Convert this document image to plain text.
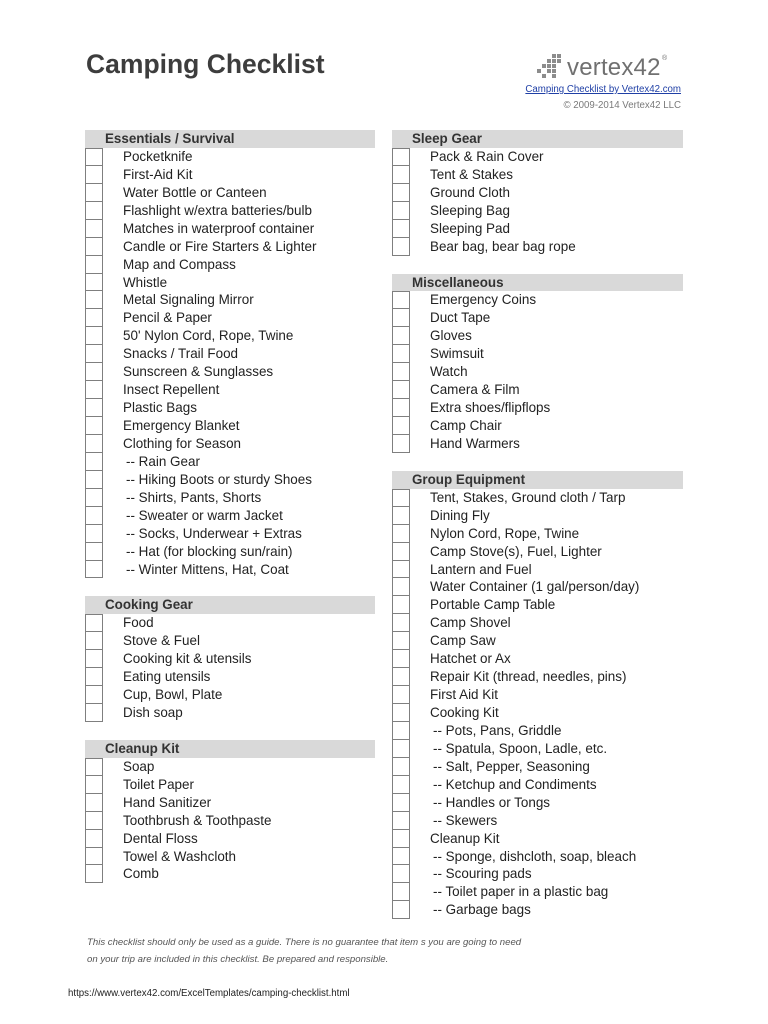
Camping Checklist	vertex42 ®
Camping Checklist by Vertex42.com
© 2009-2014 Vertex42 LLC
Essentials / Survival
Pocketknife
First-Aid Kit
Water Bottle or Canteen
Flashlight w/extra batteries/bulb
Matches in waterproof container
Candle or Fire Starters & Lighter
Map and Compass
Whistle
Metal Signaling Mirror
Pencil & Paper
50' Nylon Cord, Rope, Twine
Snacks / Trail Food
Sunscreen & Sunglasses
Insect Repellent
Plastic Bags
Emergency Blanket
Clothing for Season
-- Rain Gear
-- Hiking Boots or sturdy Shoes
-- Shirts, Pants, Shorts
-- Sweater or warm Jacket
-- Socks, Underwear + Extras
-- Hat (for blocking sun/rain)
-- Winter Mittens, Hat, Coat
Cooking Gear
Food
Stove & Fuel
Cooking kit & utensils
Eating utensils
Cup, Bowl, Plate
Dish soap
Cleanup Kit
Soap
Toilet Paper
Hand Sanitizer
Toothbrush & Toothpaste
Dental Floss
Towel & Washcloth
Comb
Sleep Gear
Pack & Rain Cover
Tent & Stakes
Ground Cloth
Sleeping Bag
Sleeping Pad
Bear bag, bear bag rope
Miscellaneous
Emergency Coins
Duct Tape
Gloves
Swimsuit
Watch
Camera & Film
Extra shoes/flipflops
Camp Chair
Hand Warmers
Group Equipment
Tent, Stakes, Ground cloth / Tarp
Dining Fly
Nylon Cord, Rope, Twine
Camp Stove(s), Fuel, Lighter
Lantern and Fuel
Water Container (1 gal/person/day)
Portable Camp Table
Camp Shovel
Camp Saw
Hatchet or Ax
Repair Kit (thread, needles, pins)
First Aid Kit
Cooking Kit
-- Pots, Pans, Griddle
-- Spatula, Spoon, Ladle, etc.
-- Salt, Pepper, Seasoning
-- Ketchup and Condiments
-- Handles or Tongs
-- Skewers
Cleanup Kit
-- Sponge, dishcloth, soap, bleach
-- Scouring pads
-- Toilet paper in a plastic bag
-- Garbage bags
This checklist should only be used as a guide. There is no guarantee that item s you are going to need
on your trip are included in this checklist. Be prepared and responsible.
https://www.vertex42.com/ExcelTemplates/camping-checklist.html
